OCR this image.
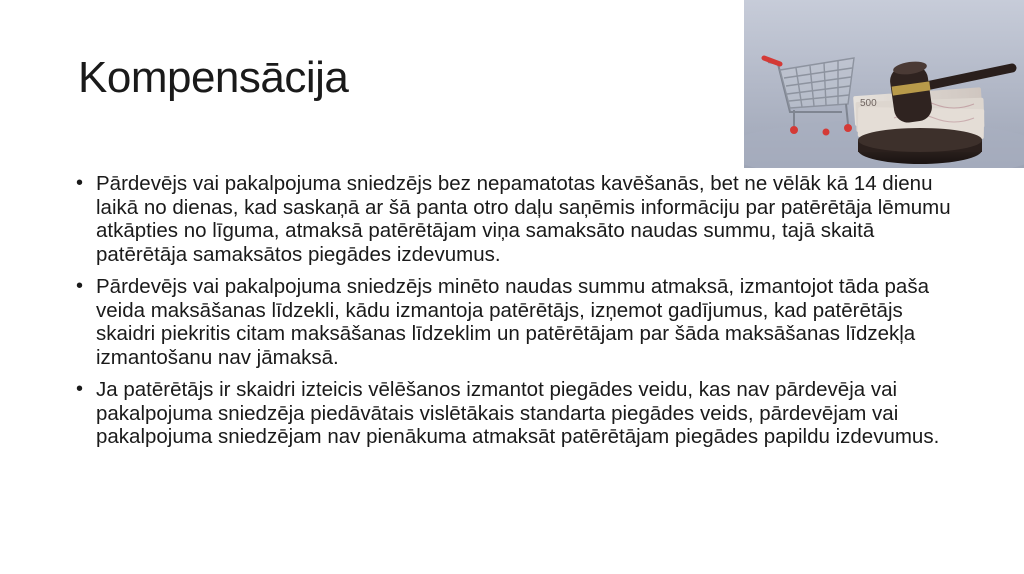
Kompensācija
500
• Pārdevējs vai pakalpojuma sniedzējs bez nepamatotas kavēšanās, bet ne vēlāk kā 14 dienu laikā no dienas, kad saskaņā ar šā panta otro daļu saņēmis informāciju par patērētāja lēmumu atkāpties no līguma, atmaksā patērētājam viņa samaksāto naudas summu, tajā skaitā patērētāja samaksātos piegādes izdevumus.
• Pārdevējs vai pakalpojuma sniedzējs minēto naudas summu atmaksā, izmantojot tāda paša veida maksāšanas līdzekli, kādu izmantoja patērētājs, izņemot gadījumus, kad patērētājs skaidri piekritis citam maksāšanas līdzeklim un patērētājam par šāda maksāšanas līdzekļa izmantošanu nav jāmaksā.
• Ja patērētājs ir skaidri izteicis vēlēšanos izmantot piegādes veidu, kas nav pārdevēja vai pakalpojuma sniedzēja piedāvātais vislētākais standarta piegādes veids, pārdevējam vai pakalpojuma sniedzējam nav pienākuma atmaksāt patērētājam piegādes papildu izdevumus.
